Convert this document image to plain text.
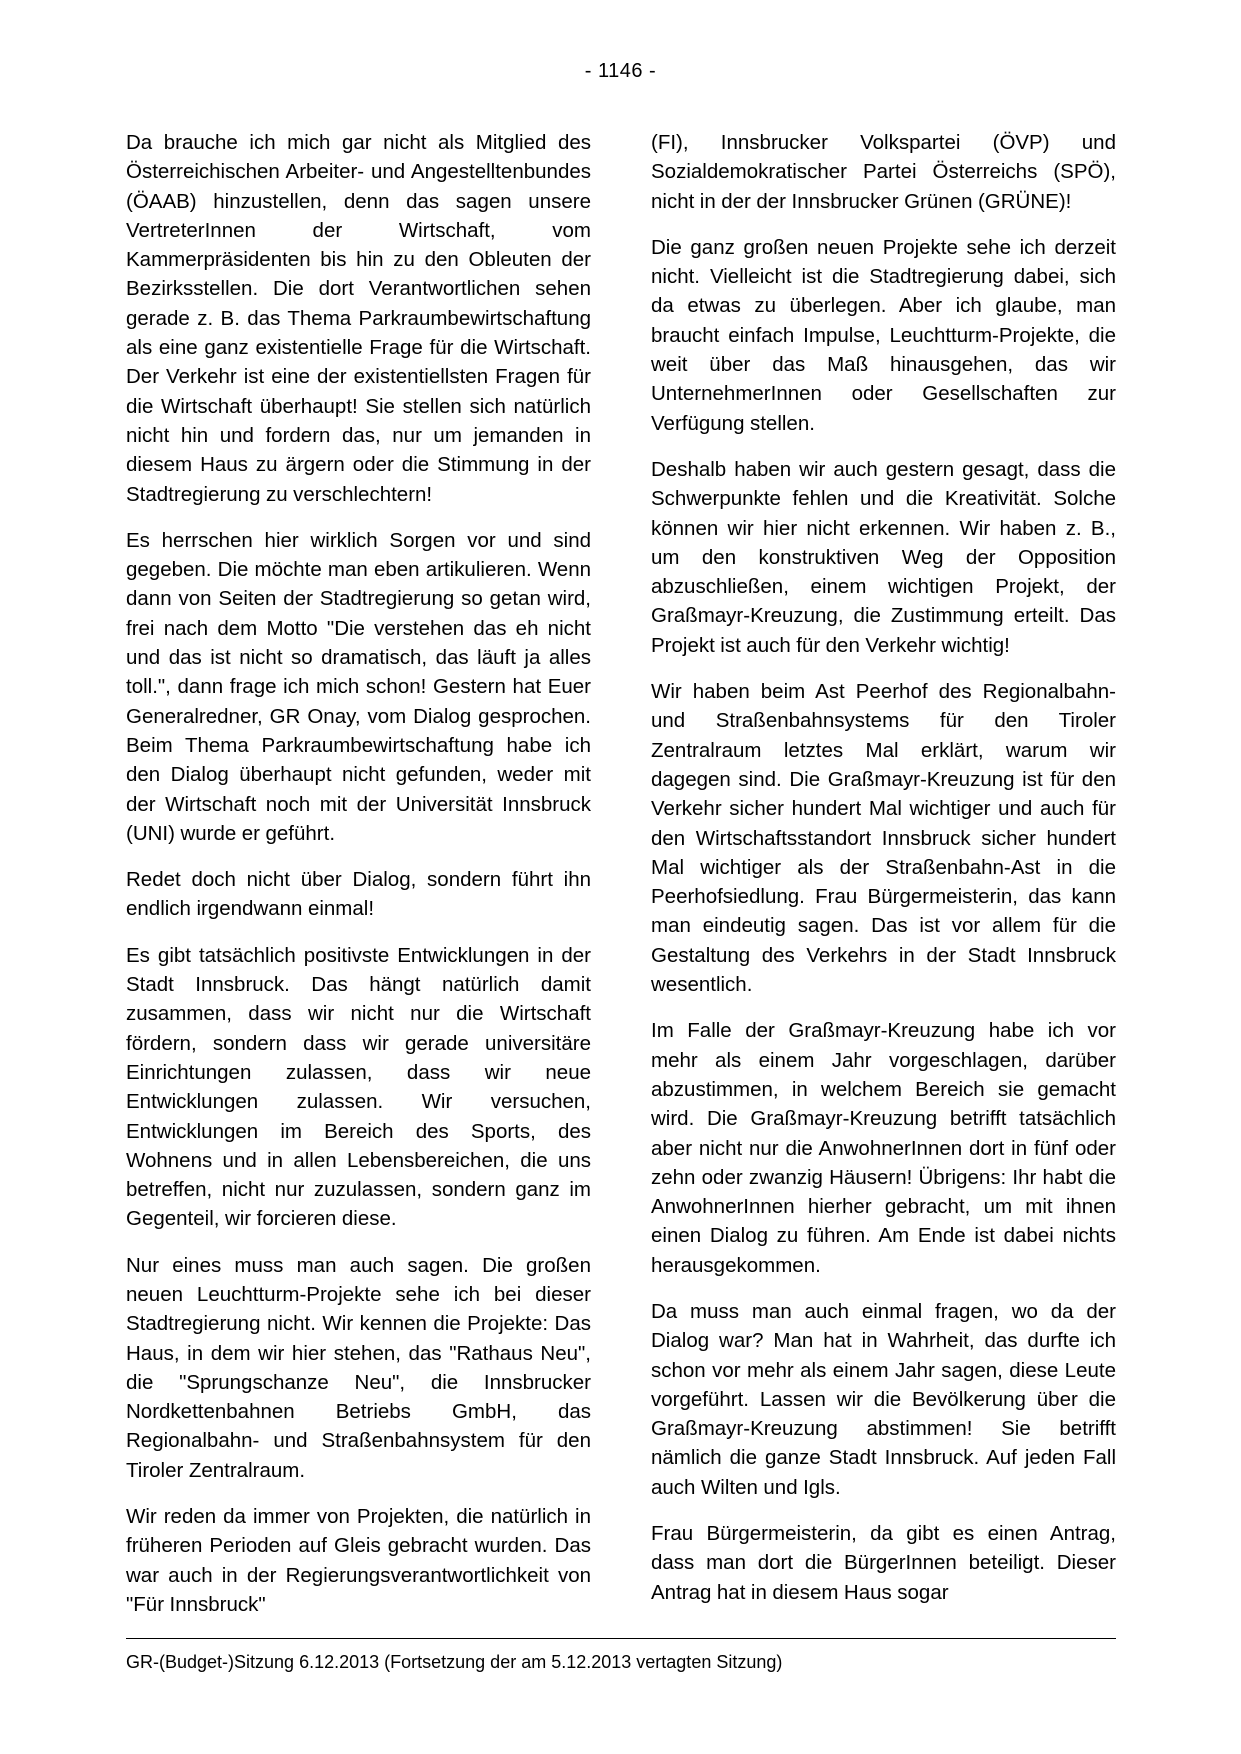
- 1146 -

Da brauche ich mich gar nicht als Mitglied des Österreichischen Arbeiter- und Angestelltenbundes (ÖAAB) hinzustellen, denn das sagen unsere VertreterInnen der Wirtschaft, vom Kammerpräsidenten bis hin zu den Obleuten der Bezirksstellen. Die dort Verantwortlichen sehen gerade z. B. das Thema Parkraumbewirtschaftung als eine ganz existentielle Frage für die Wirtschaft. Der Verkehr ist eine der existentiellsten Fragen für die Wirtschaft überhaupt! Sie stellen sich natürlich nicht hin und fordern das, nur um jemanden in diesem Haus zu ärgern oder die Stimmung in der Stadtregierung zu verschlechtern!

Es herrschen hier wirklich Sorgen vor und sind gegeben. Die möchte man eben artikulieren. Wenn dann von Seiten der Stadtregierung so getan wird, frei nach dem Motto "Die verstehen das eh nicht und das ist nicht so dramatisch, das läuft ja alles toll.", dann frage ich mich schon! Gestern hat Euer Generalredner, GR Onay, vom Dialog gesprochen. Beim Thema Parkraumbewirtschaftung habe ich den Dialog überhaupt nicht gefunden, weder mit der Wirtschaft noch mit der Universität Innsbruck (UNI) wurde er geführt.

Redet doch nicht über Dialog, sondern führt ihn endlich irgendwann einmal!

Es gibt tatsächlich positivste Entwicklungen in der Stadt Innsbruck. Das hängt natürlich damit zusammen, dass wir nicht nur die Wirtschaft fördern, sondern dass wir gerade universitäre Einrichtungen zulassen, dass wir neue Entwicklungen zulassen. Wir versuchen, Entwicklungen im Bereich des Sports, des Wohnens und in allen Lebensbereichen, die uns betreffen, nicht nur zuzulassen, sondern ganz im Gegenteil, wir forcieren diese.

Nur eines muss man auch sagen. Die großen neuen Leuchtturm-Projekte sehe ich bei dieser Stadtregierung nicht. Wir kennen die Projekte: Das Haus, in dem wir hier stehen, das "Rathaus Neu", die "Sprungschanze Neu", die Innsbrucker Nordkettenbahnen Betriebs GmbH, das Regionalbahn- und Straßenbahnsystem für den Tiroler Zentralraum.

Wir reden da immer von Projekten, die natürlich in früheren Perioden auf Gleis gebracht wurden. Das war auch in der Regierungsverantwortlichkeit von "Für Innsbruck"

(FI), Innsbrucker Volkspartei (ÖVP) und Sozialdemokratischer Partei Österreichs (SPÖ), nicht in der der Innsbrucker Grünen (GRÜNE)!

Die ganz großen neuen Projekte sehe ich derzeit nicht. Vielleicht ist die Stadtregierung dabei, sich da etwas zu überlegen. Aber ich glaube, man braucht einfach Impulse, Leuchtturm-Projekte, die weit über das Maß hinausgehen, das wir UnternehmerInnen oder Gesellschaften zur Verfügung stellen.

Deshalb haben wir auch gestern gesagt, dass die Schwerpunkte fehlen und die Kreativität. Solche können wir hier nicht erkennen. Wir haben z. B., um den konstruktiven Weg der Opposition abzuschließen, einem wichtigen Projekt, der Graßmayr-Kreuzung, die Zustimmung erteilt. Das Projekt ist auch für den Verkehr wichtig!

Wir haben beim Ast Peerhof des Regionalbahn- und Straßenbahnsystems für den Tiroler Zentralraum letztes Mal erklärt, warum wir dagegen sind. Die Graßmayr-Kreuzung ist für den Verkehr sicher hundert Mal wichtiger und auch für den Wirtschaftsstandort Innsbruck sicher hundert Mal wichtiger als der Straßenbahn-Ast in die Peerhofsiedlung. Frau Bürgermeisterin, das kann man eindeutig sagen. Das ist vor allem für die Gestaltung des Verkehrs in der Stadt Innsbruck wesentlich.

Im Falle der Graßmayr-Kreuzung habe ich vor mehr als einem Jahr vorgeschlagen, darüber abzustimmen, in welchem Bereich sie gemacht wird. Die Graßmayr-Kreuzung betrifft tatsächlich aber nicht nur die AnwohnerInnen dort in fünf oder zehn oder zwanzig Häusern! Übrigens: Ihr habt die AnwohnerInnen hierher gebracht, um mit ihnen einen Dialog zu führen. Am Ende ist dabei nichts herausgekommen.

Da muss man auch einmal fragen, wo da der Dialog war? Man hat in Wahrheit, das durfte ich schon vor mehr als einem Jahr sagen, diese Leute vorgeführt. Lassen wir die Bevölkerung über die Graßmayr-Kreuzung abstimmen! Sie betrifft nämlich die ganze Stadt Innsbruck. Auf jeden Fall auch Wilten und Igls.

Frau Bürgermeisterin, da gibt es einen Antrag, dass man dort die BürgerInnen beteiligt. Dieser Antrag hat in diesem Haus sogar

GR-(Budget-)Sitzung 6.12.2013 (Fortsetzung der am 5.12.2013 vertagten Sitzung)
